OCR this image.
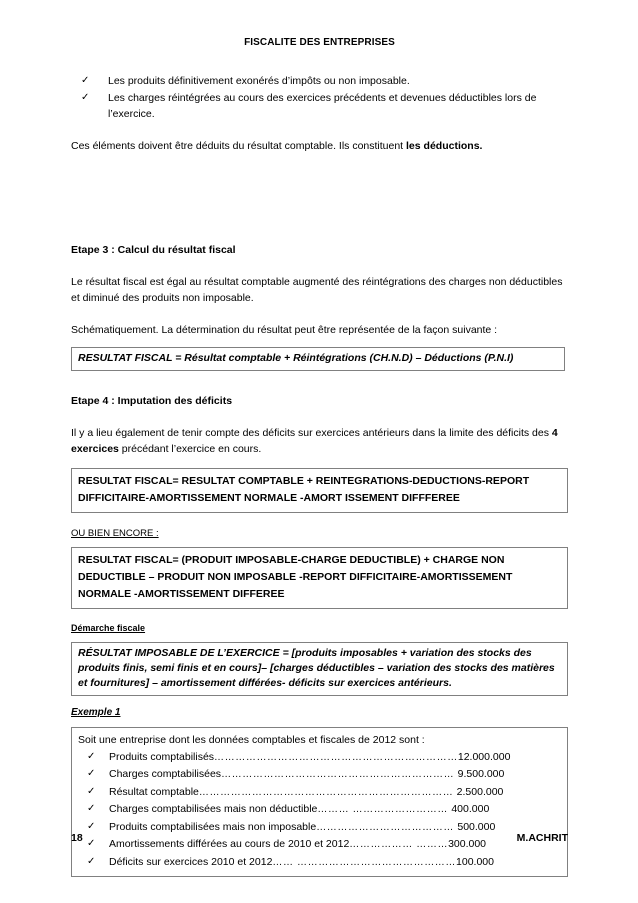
FISCALITE DES ENTREPRISES
✓ Les produits définitivement exonérés d’impôts ou non imposable.
✓ Les charges réintégrées au cours des exercices précédents et devenues déductibles lors de l’exercice.

Ces éléments doivent être déduits du résultat comptable. Ils constituent les déductions.

Etape 3 : Calcul du résultat fiscal

Le résultat fiscal est égal au résultat comptable augmenté des réintégrations des charges non déductibles et diminué des produits non imposable.

Schématiquement. La détermination du résultat peut être représentée de la façon suivante :

RESULTAT FISCAL = Résultat comptable + Réintégrations (CH.N.D) – Déductions (P.N.I)
Etape 4 : Imputation des déficits

Il y a lieu également de tenir compte des déficits sur exercices antérieurs dans la limite des déficits des 4 exercices précédant l’exercice en cours.

RESULTAT FISCAL= RESULTAT COMPTABLE + REINTEGRATIONS-DEDUCTIONS-REPORT DIFFICITAIRE-AMORTISSEMENT NORMALE -AMORT ISSEMENT DIFFFEREE
OU BIEN ENCORE :
RESULTAT FISCAL= (PRODUIT IMPOSABLE-CHARGE DEDUCTIBLE) + CHARGE NON DEDUCTIBLE – PRODUIT NON IMPOSABLE -REPORT DIFFICITAIRE-AMORTISSEMENT NORMALE -AMORTISSEMENT DIFFEREE
Démarche fiscale
RÉSULTAT IMPOSABLE DE L’EXERCICE = [produits imposables + variation des stocks des produits finis, semi finis et en cours]– [charges déductibles – variation des stocks des matières et fournitures] – amortissement différées- déficits sur exercices antérieurs.
Exemple 1

Soit une entreprise dont les données comptables et fiscales de 2012 sont :

✓ Produits comptabilisés……………………………………………………………12.000.000
✓ Charges comptabilisées………………………………………………………… 9.500.000
✓ Résultat comptable……………………………………………………………… 2.500.000
✓ Charges comptabilisées mais non déductible……… ……………………… 400.000
✓ Produits comptabilisées mais non imposable………………………………… 500.000
✓ Amortissements différées au cours de 2010 et 2012……………… ………300.000
✓ Déficits sur exercices 2010 et 2012…… ………………………………………100.000
18	M.ACHRIT
